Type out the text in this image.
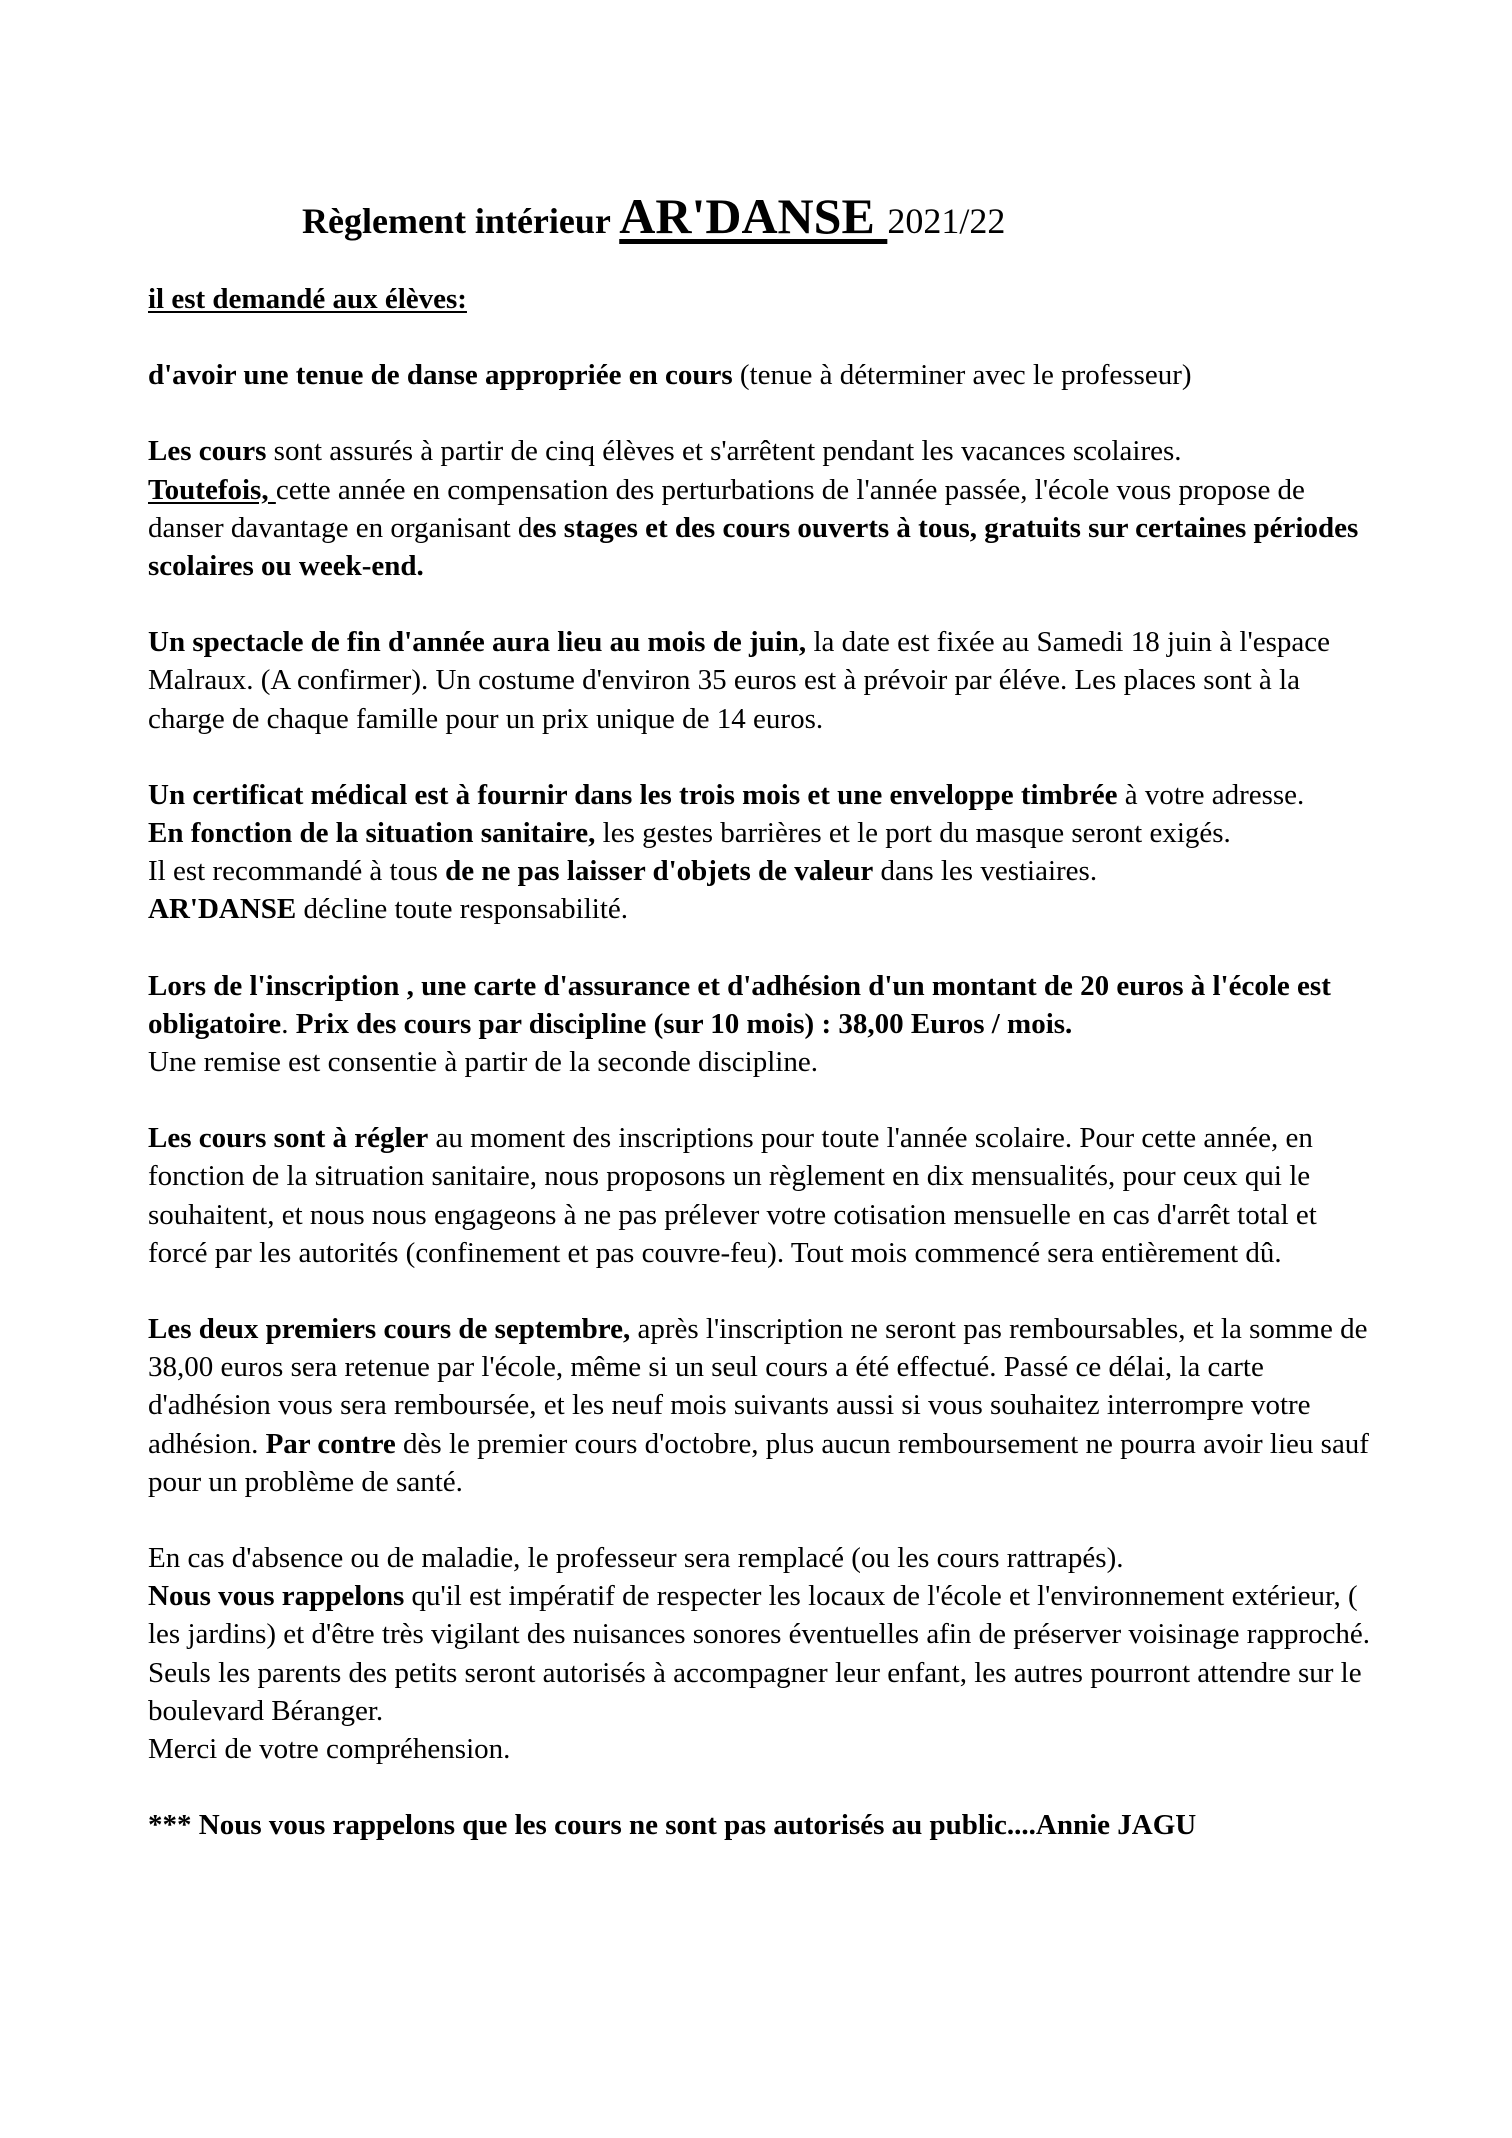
Règlement intérieur AR'DANSE 2021/22

il est demandé aux élèves:

d'avoir une tenue de danse appropriée en cours (tenue à déterminer avec le professeur)

Les cours sont assurés à partir de cinq élèves et s'arrêtent pendant les vacances scolaires.
Toutefois, cette année en compensation des perturbations de l'année passée, l'école vous propose de danser davantage en organisant des stages et des cours ouverts à tous, gratuits sur certaines périodes scolaires ou week-end.

Un spectacle de fin d'année aura lieu au mois de juin, la date est fixée au Samedi 18 juin à l'espace Malraux. (A confirmer). Un costume d'environ 35 euros est à prévoir par éléve. Les places sont à la charge de chaque famille pour un prix unique de 14 euros.

Un certificat médical est à fournir dans les trois mois et une enveloppe timbrée à votre adresse.
En fonction de la situation sanitaire, les gestes barrières et le port du masque seront exigés.
Il est recommandé à tous de ne pas laisser d'objets de valeur dans les vestiaires.
AR'DANSE décline toute responsabilité.

Lors de l'inscription , une carte d'assurance et d'adhésion d'un montant de 20 euros à l'école est obligatoire. Prix des cours par discipline (sur 10 mois) : 38,00 Euros / mois.
Une remise est consentie à partir de la seconde discipline.

Les cours sont à régler au moment des inscriptions pour toute l'année scolaire. Pour cette année, en fonction de la sitruation sanitaire, nous proposons un règlement en dix mensualités, pour ceux qui le souhaitent, et nous nous engageons à ne pas prélever votre cotisation mensuelle en cas d'arrêt total et forcé par les autorités (confinement et pas couvre-feu). Tout mois commencé sera entièrement dû.

Les deux premiers cours de septembre, après l'inscription ne seront pas remboursables, et la somme de 38,00 euros sera retenue par l'école, même si un seul cours a été effectué. Passé ce délai, la carte d'adhésion vous sera remboursée, et les neuf mois suivants aussi si vous souhaitez interrompre votre adhésion. Par contre dès le premier cours d'octobre, plus aucun remboursement ne pourra avoir lieu sauf pour un problème de santé.

En cas d'absence ou de maladie, le professeur sera remplacé (ou les cours rattrapés).
Nous vous rappelons qu'il est impératif de respecter les locaux de l'école et l'environnement extérieur, ( les jardins) et d'être très vigilant des nuisances sonores éventuelles afin de préserver voisinage rapproché. Seuls les parents des petits seront autorisés à accompagner leur enfant, les autres pourront attendre sur le boulevard Béranger.
Merci de votre compréhension.

*** Nous vous rappelons que les cours ne sont pas autorisés au public....Annie JAGU
